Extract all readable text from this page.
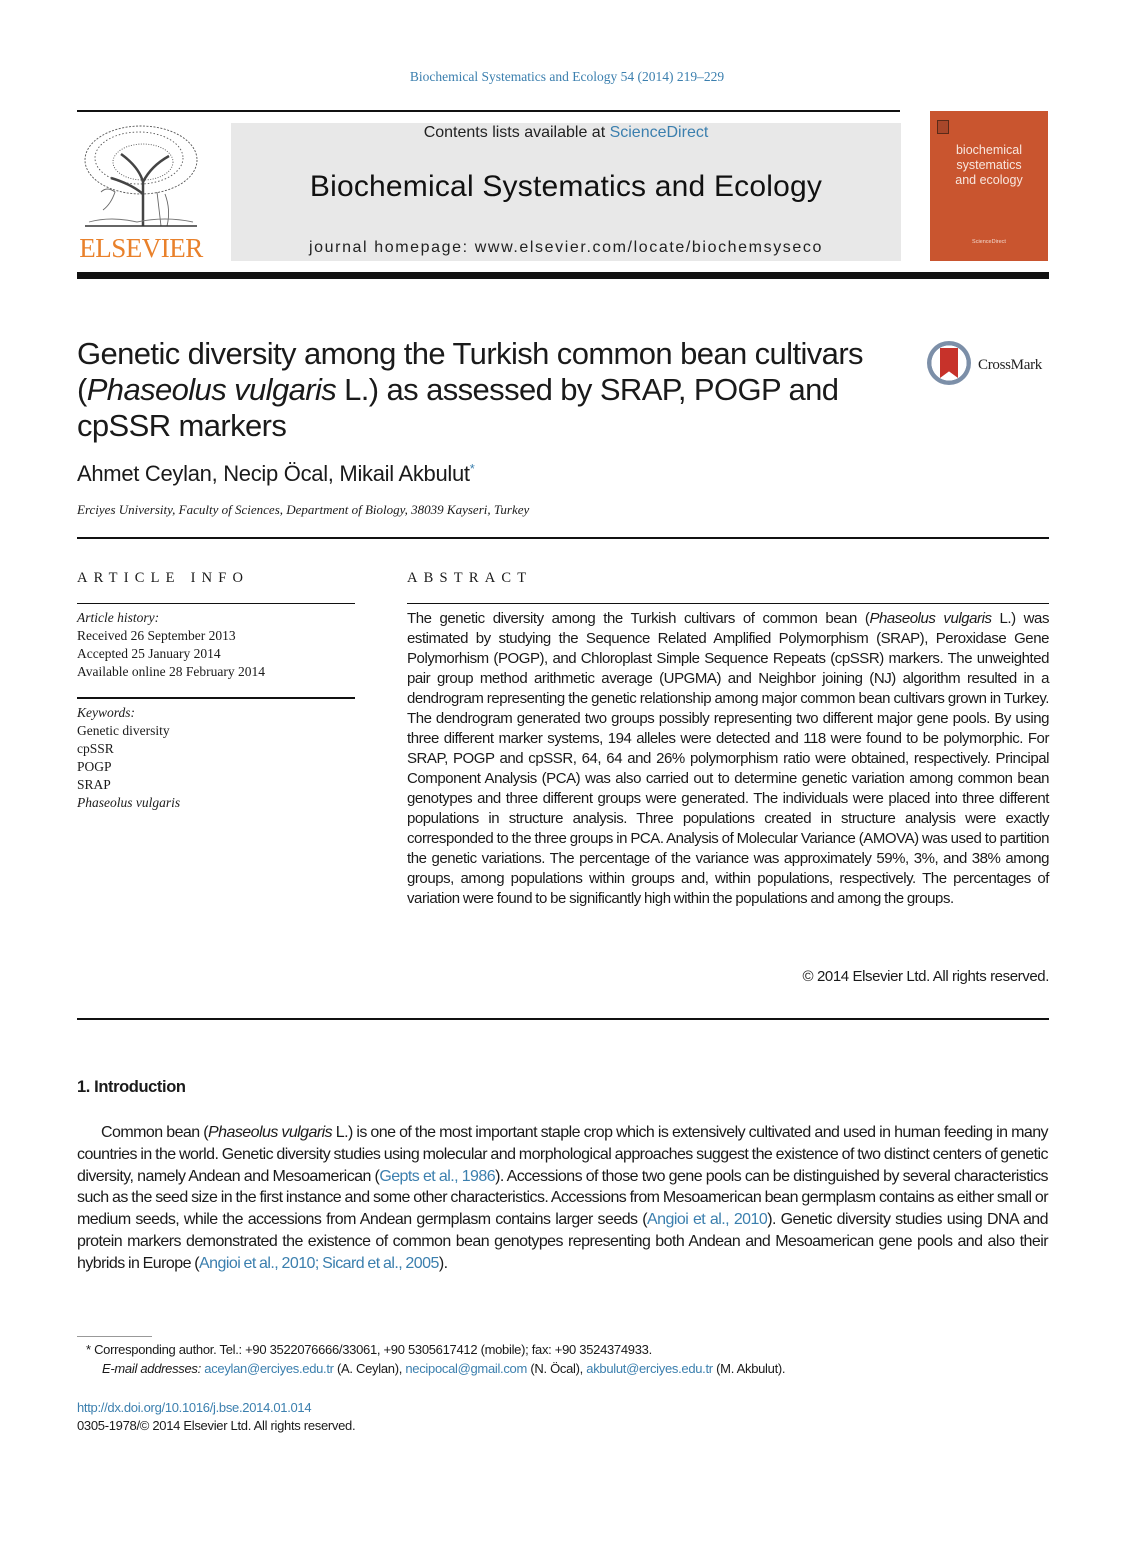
Biochemical Systematics and Ecology 54 (2014) 219–229
ELSEVIER
Contents lists available at ScienceDirect
Biochemical Systematics and Ecology
journal homepage: www.elsevier.com/locate/biochemsyseco
biochemical
systematics
and ecology
ScienceDirect
Genetic diversity among the Turkish common bean cultivars (Phaseolus vulgaris L.) as assessed by SRAP, POGP and cpSSR markers
CrossMark
Ahmet Ceylan, Necip Öcal, Mikail Akbulut*
Erciyes University, Faculty of Sciences, Department of Biology, 38039 Kayseri, Turkey
ARTICLE INFO	ABSTRACT
Article history:
Received 26 September 2013
Accepted 25 January 2014
Available online 28 February 2014
Keywords:
Genetic diversity
cpSSR
POGP
SRAP
Phaseolus vulgaris
The genetic diversity among the Turkish cultivars of common bean (Phaseolus vulgaris L.) was estimated by studying the Sequence Related Amplified Polymorphism (SRAP), Peroxidase Gene Polymorhism (POGP), and Chloroplast Simple Sequence Repeats (cpSSR) markers. The unweighted pair group method arithmetic average (UPGMA) and Neighbor joining (NJ) algorithm resulted in a dendrogram representing the genetic relationship among major common bean cultivars grown in Turkey. The dendrogram generated two groups possibly representing two different major gene pools. By using three different marker systems, 194 alleles were detected and 118 were found to be polymorphic. For SRAP, POGP and cpSSR, 64, 64 and 26% polymorphism ratio were obtained, respectively. Principal Component Analysis (PCA) was also carried out to determine genetic variation among common bean genotypes and three different groups were generated. The individuals were placed into three different populations in structure analysis. Three populations created in structure analysis were exactly corresponded to the three groups in PCA. Analysis of Molecular Variance (AMOVA) was used to partition the genetic variations. The percentage of the variance was approximately 59%, 3%, and 38% among groups, among populations within groups and, within populations, respectively. The percentages of variation were found to be significantly high within the populations and among the groups.
© 2014 Elsevier Ltd. All rights reserved.
1. Introduction
Common bean (Phaseolus vulgaris L.) is one of the most important staple crop which is extensively cultivated and used in human feeding in many countries in the world. Genetic diversity studies using molecular and morphological approaches suggest the existence of two distinct centers of genetic diversity, namely Andean and Mesoamerican (Gepts et al., 1986). Accessions of those two gene pools can be distinguished by several characteristics such as the seed size in the first instance and some other characteristics. Accessions from Mesoamerican bean germplasm contains as either small or medium seeds, while the accessions from Andean germplasm contains larger seeds (Angioi et al., 2010). Genetic diversity studies using DNA and protein markers demonstrated the existence of common bean genotypes representing both Andean and Mesoamerican gene pools and also their hybrids in Europe (Angioi et al., 2010; Sicard et al., 2005).
* Corresponding author. Tel.: +90 3522076666/33061, +90 5305617412 (mobile); fax: +90 3524374933.
E-mail addresses: aceylan@erciyes.edu.tr (A. Ceylan), necipocal@gmail.com (N. Öcal), akbulut@erciyes.edu.tr (M. Akbulut).
http://dx.doi.org/10.1016/j.bse.2014.01.014
0305-1978/© 2014 Elsevier Ltd. All rights reserved.
